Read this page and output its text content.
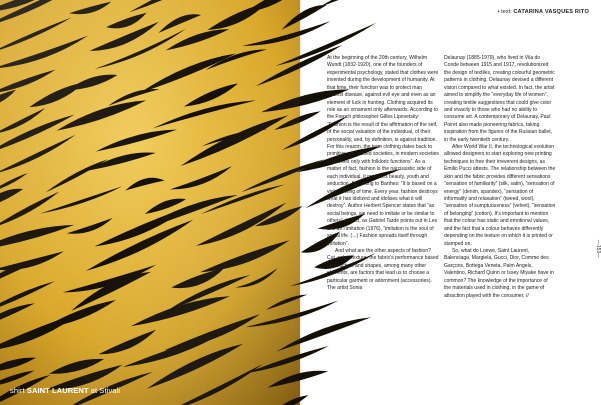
shirt SAINT LAURENT at Stivali
• text: CATARINA VASQUES RITO

At the beginning of the 20th century, Wilhelm Wundt (1832-1920), one of the founders of experimental psychology, stated that clothes were invented during the development of humanity. At that time, their function was to protect man against disease, against evil eye and even as an element of luck in hunting. Clothing acquired its role as an ornament only afterwards. According to the French philosopher Gilles Lipovetsky: “Fashion is the result of the affirmation of the self, of the social valuation of the individual, of their personality, and, by definition, is against tradition. For this reason, the term clothing dates back to primitive and closed societies, in modern societies it survives only with folkloric functions”. As a matter of fact, fashion is the narcissistic side of each individual, it promises beauty, youth and seduction. According to Barthes: “It is based on a violet feeling of time. Every year, fashion destroys what it has idolized and idolises what it will destroy”. Author Herbert Spencer states that “as social beings, we need to imitate or be similar to others”. In fact, as Gabriel Tarde points out in Les Elis de l’imitation (1976), “imitation is the soul of social life. (...) Fashion spreads itself through imitation”.

And what are the other aspects of fashion? Cut, color, texture, the fabric’s performance based on structure and shapes, among many other elements, are factors that lead us to choose a particular garment or adornment (accessories). The artist Sonia

Delaunay (1885-1979), who lived in Vila do Conde between 1915 and 1917, revolutionized the design of textiles, creating colourful geometric patterns in clothing. Delaunay devised a different vision compared to what existed. In fact, the artist aimed to simplify the “everyday life of women”, creating textile suggestions that could give color and vivacity to those who had no ability to consume art. A contemporary of Delaunay, Paul Poiret also made pioneering fabrics, taking inspiration from the figures of the Russian ballet, in the early twentieth century.

After World War II, the technological evolution allowed designers to start exploring new printing techniques to free their irreverent designs, as Emilio Pucci attests. The relationship between the skin and the fabric provides different sensations “sensation of familiarity” (silk, satin), “sensation of energy” (denim, spandex), “sensation of informality and relaxation” (tweed, wool), “sensation of sumptuousness” (velvet), “sensation of belonging” (cotton). It’s important to mention that the colour has static and emotional values, and the fact that a colour behaves differently depending on the texture on which it is printed or stamped on.

So, what do Loewe, Saint Laurent, Balenciaga, Margiela, Gucci, Dior, Comme des Garçons, Bottega Veneta, Palm Angels, Valentino, Richard Quinn or Issey Miyake have in common? The knowledge of the importance of the materials used in clothing, in the game of attraction played with the consumer. //

—153—
